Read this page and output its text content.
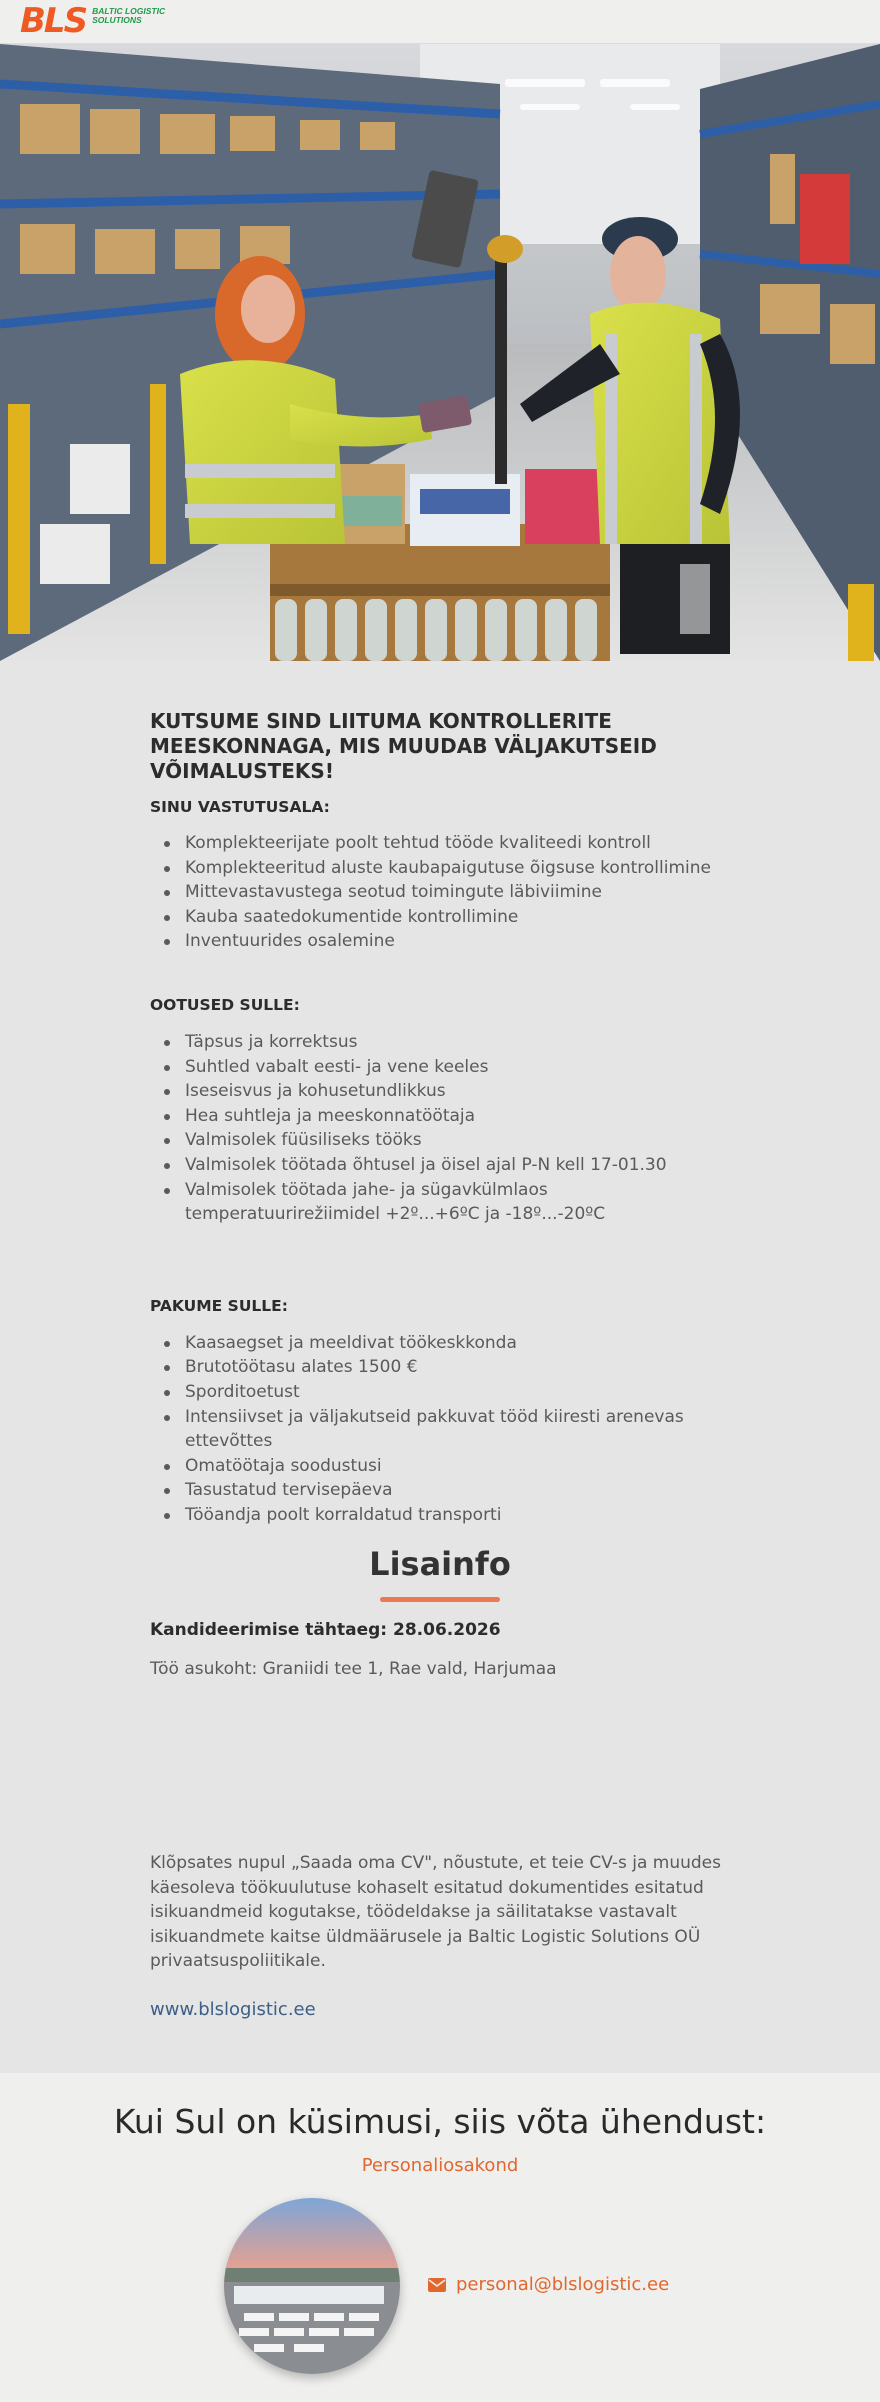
BLS BALTIC LOGISTIC
SOLUTIONS
KUTSUME SIND LIITUMA KONTROLLERITE MEESKONNAGA, MIS MUUDAB VÄLJAKUTSEID VÕIMALUSTEKS!
SINU VASTUTUSALA:
Komplekteerijate poolt tehtud tööde kvaliteedi kontroll
Komplekteeritud aluste kaubapaigutuse õigsuse kontrollimine
Mittevastavustega seotud toimingute läbiviimine
Kauba saatedokumentide kontrollimine
Inventuurides osalemine
OOTUSED SULLE:
Täpsus ja korrektsus
Suhtled vabalt eesti- ja vene keeles
Iseseisvus ja kohusetundlikkus
Hea suhtleja ja meeskonnatöötaja
Valmisolek füüsiliseks tööks
Valmisolek töötada õhtusel ja öisel ajal P-N kell 17-01.30
Valmisolek töötada jahe- ja sügavkülmlaos temperatuurirežiimidel +2º...+6ºC ja -18º...-20ºC
PAKUME SULLE:
Kaasaegset ja meeldivat töökeskkonda
Brutotöötasu alates 1500 €
Sporditoetust
Intensiivset ja väljakutseid pakkuvat tööd kiiresti arenevas ettevõttes
Omatöötaja soodustusi
Tasustatud tervisepäeva
Tööandja poolt korraldatud transporti
Lisainfo
Kandideerimise tähtaeg: 28.06.2026
Töö asukoht: Graniidi tee 1, Rae vald, Harjumaa

Klõpsates nupul „Saada oma CV", nõustute, et teie CV-s ja muudes käesoleva töökuulutuse kohaselt esitatud dokumentides esitatud isikuandmeid kogutakse, töödeldakse ja säilitatakse vastavalt isikuandmete kaitse üldmäärusele ja Baltic Logistic Solutions OÜ privaatsuspoliitikale.

www.blslogistic.ee
Kui Sul on küsimusi, siis võta ühendust:
Personaliosakond
personal@blslogistic.ee
